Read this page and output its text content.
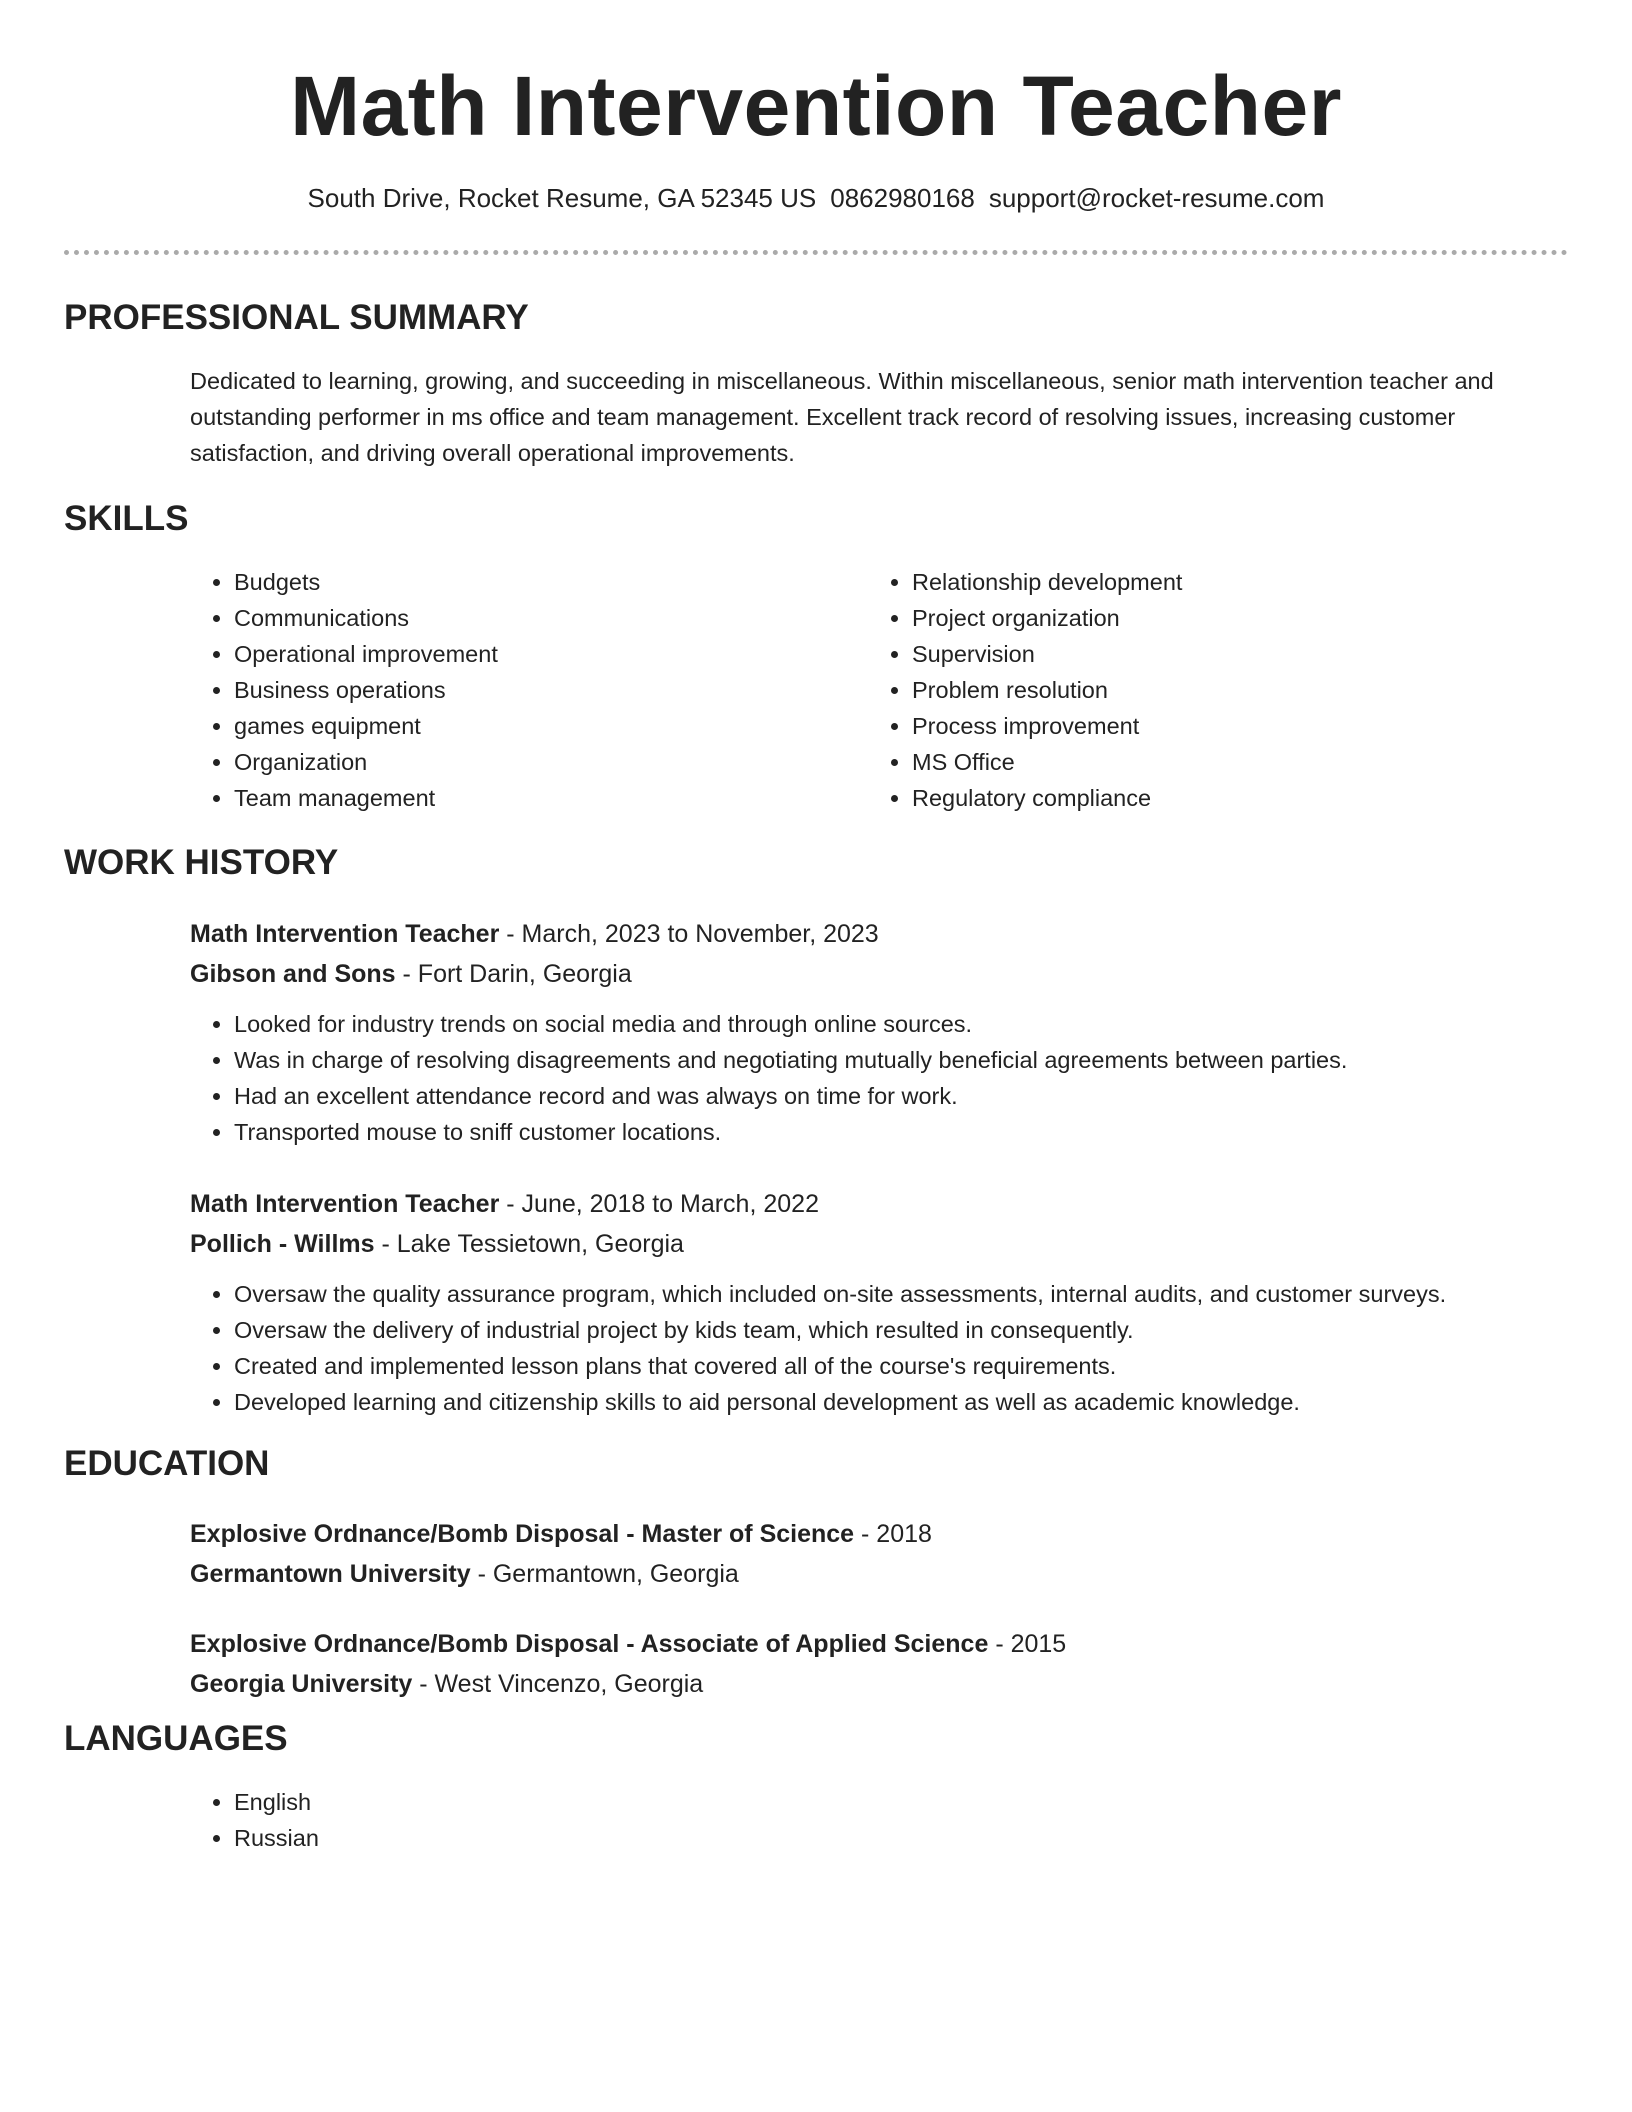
Math Intervention Teacher
South Drive, Rocket Resume, GA 52345 US 0862980168 support@rocket-resume.com
PROFESSIONAL SUMMARY

Dedicated to learning, growing, and succeeding in miscellaneous. Within miscellaneous, senior math intervention teacher and outstanding performer in ms office and team management. Excellent track record of resolving issues, increasing customer satisfaction, and driving overall operational improvements.

SKILLS
• Budgets
• Communications
• Operational improvement
• Business operations
• games equipment
• Organization
• Team management
• Relationship development
• Project organization
• Supervision
• Problem resolution
• Process improvement
• MS Office
• Regulatory compliance
WORK HISTORY
Math Intervention Teacher - March, 2023 to November, 2023
Gibson and Sons - Fort Darin, Georgia
• Looked for industry trends on social media and through online sources.
• Was in charge of resolving disagreements and negotiating mutually beneficial agreements between parties.
• Had an excellent attendance record and was always on time for work.
• Transported mouse to sniff customer locations.
Math Intervention Teacher - June, 2018 to March, 2022
Pollich - Willms - Lake Tessietown, Georgia
• Oversaw the quality assurance program, which included on-site assessments, internal audits, and customer surveys.
• Oversaw the delivery of industrial project by kids team, which resulted in consequently.
• Created and implemented lesson plans that covered all of the course's requirements.
• Developed learning and citizenship skills to aid personal development as well as academic knowledge.
EDUCATION
Explosive Ordnance/Bomb Disposal - Master of Science - 2018
Germantown University - Germantown, Georgia
Explosive Ordnance/Bomb Disposal - Associate of Applied Science - 2015
Georgia University - West Vincenzo, Georgia
LANGUAGES
• English
• Russian
